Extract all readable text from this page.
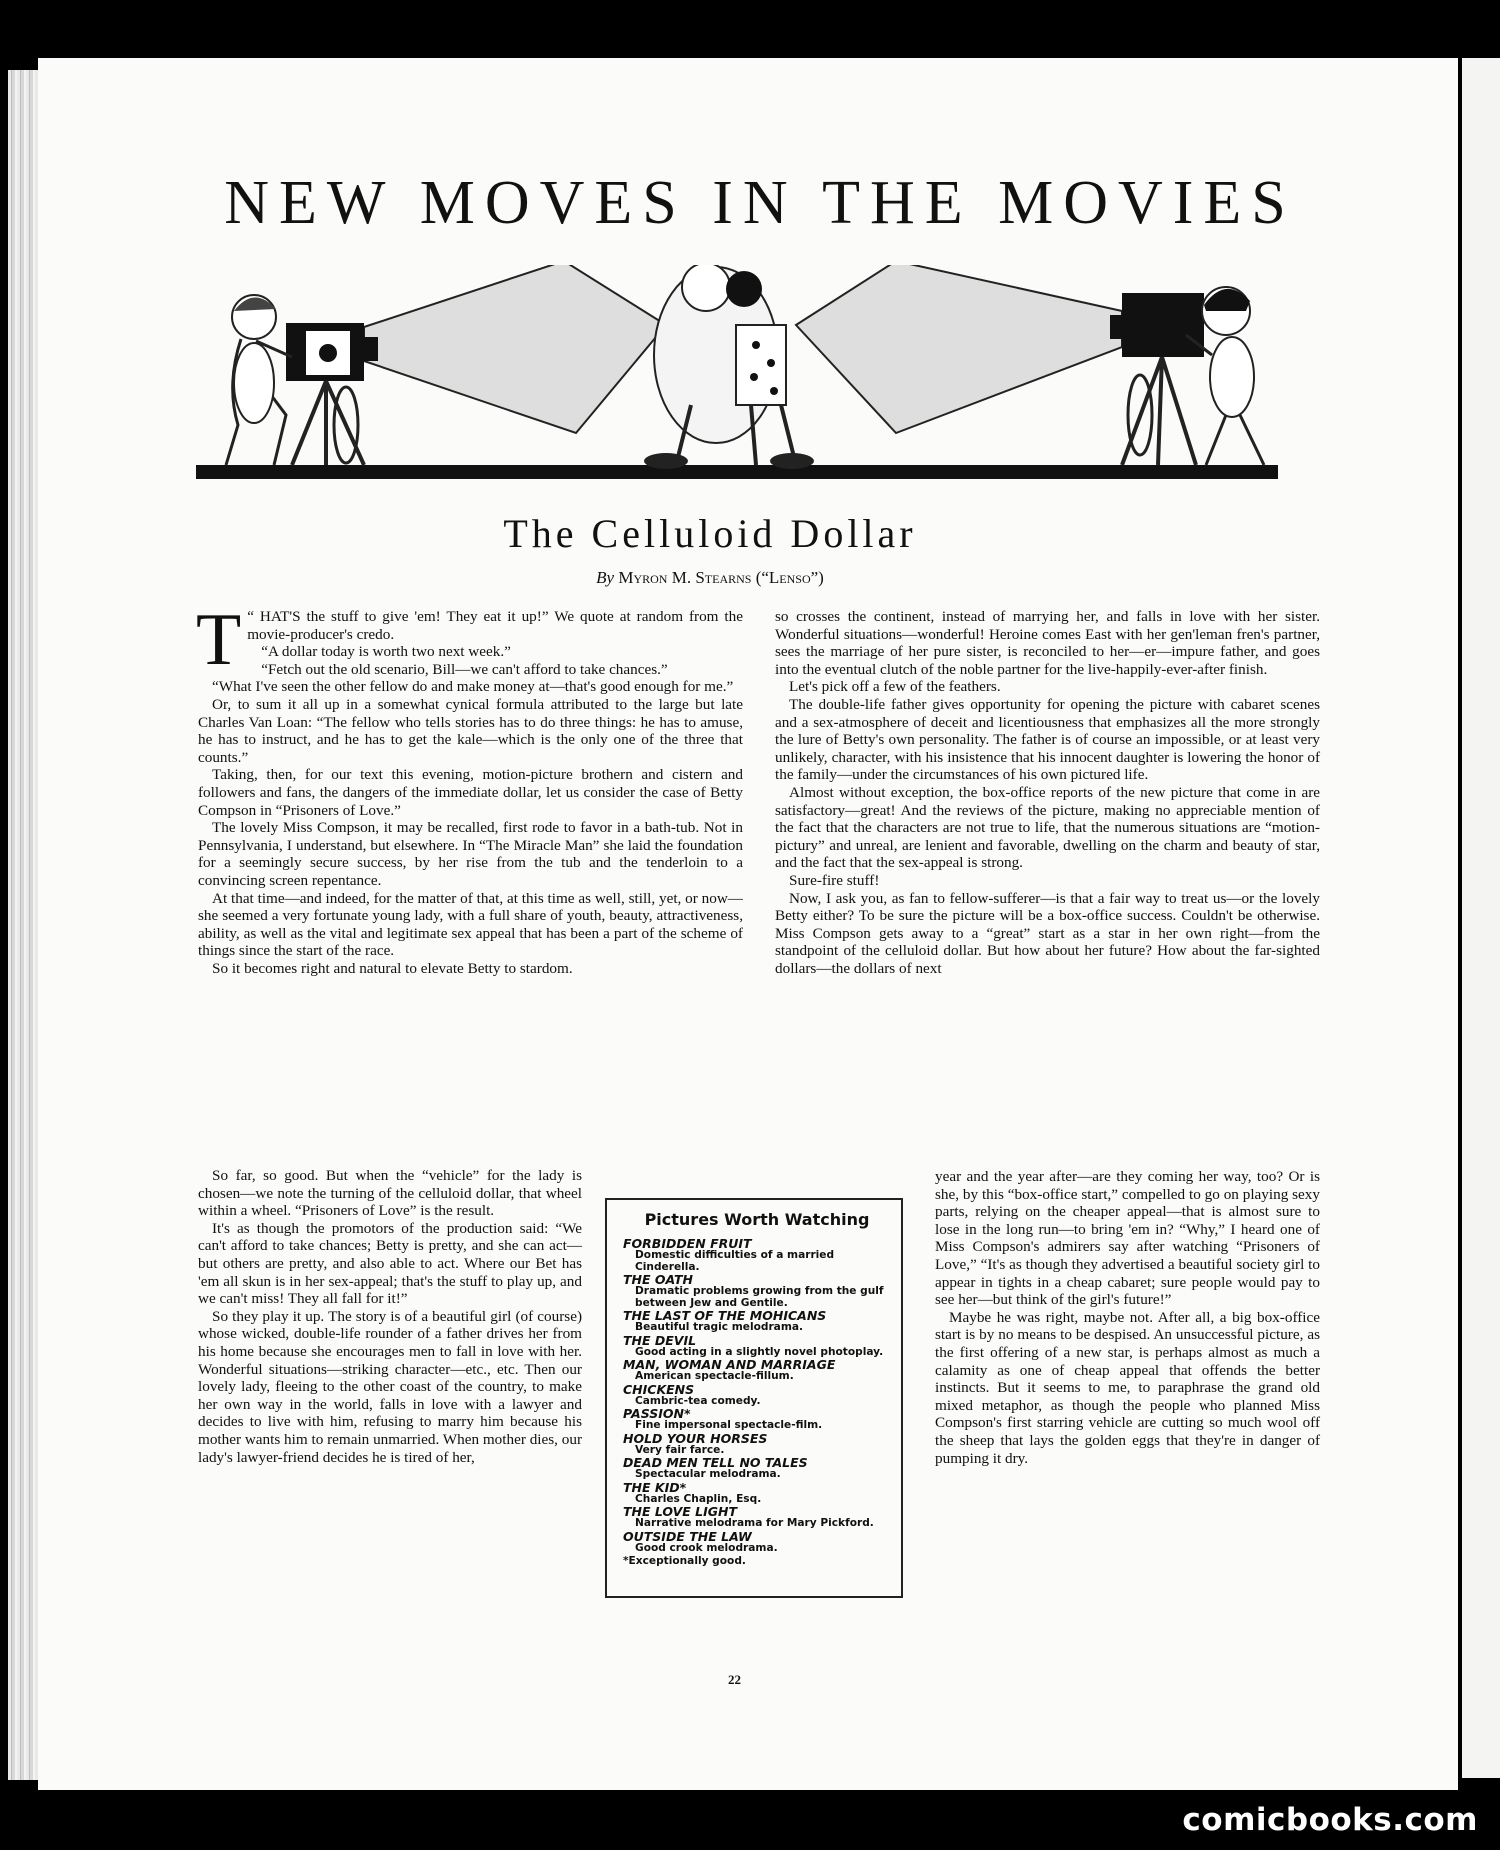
NEW MOVES IN THE MOVIES
The Celluloid Dollar
By Myron M. Stearns (“Lenso”)

T “ HAT'S the stuff to give 'em! They eat it up!” We quote at random from the movie-producer's credo.

“A dollar today is worth two next week.”

“Fetch out the old scenario, Bill—we can't afford to take chances.”

“What I've seen the other fellow do and make money at—that's good enough for me.”

Or, to sum it all up in a somewhat cynical formula attributed to the large but late Charles Van Loan: “The fellow who tells stories has to do three things: he has to amuse, he has to instruct, and he has to get the kale—which is the only one of the three that counts.”

Taking, then, for our text this evening, motion-picture brothern and cistern and followers and fans, the dangers of the immediate dollar, let us consider the case of Betty Compson in “Prisoners of Love.”

The lovely Miss Compson, it may be recalled, first rode to favor in a bath-tub. Not in Pennsylvania, I understand, but elsewhere. In “The Miracle Man” she laid the foundation for a seemingly secure success, by her rise from the tub and the tenderloin to a convincing screen repentance.

At that time—and indeed, for the matter of that, at this time as well, still, yet, or now—she seemed a very fortunate young lady, with a full share of youth, beauty, attractiveness, ability, as well as the vital and legitimate sex appeal that has been a part of the scheme of things since the start of the race.

So it becomes right and natural to elevate Betty to stardom.

So far, so good. But when the “vehicle” for the lady is chosen—we note the turning of the celluloid dollar, that wheel within a wheel. “Prisoners of Love” is the result.

It's as though the promotors of the production said: “We can't afford to take chances; Betty is pretty, and she can act—but others are pretty, and also able to act. Where our Bet has 'em all skun is in her sex-appeal; that's the stuff to play up, and we can't miss! They all fall for it!”

So they play it up. The story is of a beautiful girl (of course) whose wicked, double-life rounder of a father drives her from his home because she encourages men to fall in love with her. Wonderful situations—striking character—etc., etc. Then our lovely lady, fleeing to the other coast of the country, to make her own way in the world, falls in love with a lawyer and decides to live with him, refusing to marry him because his mother wants him to remain unmarried. When mother dies, our lady's lawyer-friend decides he is tired of her,

so crosses the continent, instead of marrying her, and falls in love with her sister. Wonderful situations—wonderful! Heroine comes East with her gen'leman fren's partner, sees the marriage of her pure sister, is reconciled to her—er—impure father, and goes into the eventual clutch of the noble partner for the live-happily-ever-after finish.

Let's pick off a few of the feathers.

The double-life father gives opportunity for opening the picture with cabaret scenes and a sex-atmosphere of deceit and licentiousness that emphasizes all the more strongly the lure of Betty's own personality. The father is of course an impossible, or at least very unlikely, character, with his insistence that his innocent daughter is lowering the honor of the family—under the circumstances of his own pictured life.

Almost without exception, the box-office reports of the new picture that come in are satisfactory—great! And the reviews of the picture, making no appreciable mention of the fact that the characters are not true to life, that the numerous situations are “motion-pictury” and unreal, are lenient and favorable, dwelling on the charm and beauty of star, and the fact that the sex-appeal is strong.

Sure-fire stuff!

Now, I ask you, as fan to fellow-sufferer—is that a fair way to treat us—or the lovely Betty either? To be sure the picture will be a box-office success. Couldn't be otherwise. Miss Compson gets away to a “great” start as a star in her own right—from the standpoint of the celluloid dollar. But how about her future? How about the far-sighted dollars—the dollars of next

year and the year after—are they coming her way, too? Or is she, by this “box-office start,” compelled to go on playing sexy parts, relying on the cheaper appeal—that is almost sure to lose in the long run—to bring 'em in? “Why,” I heard one of Miss Compson's admirers say after watching “Prisoners of Love,” “It's as though they advertised a beautiful society girl to appear in tights in a cheap cabaret; sure people would pay to see her—but think of the girl's future!”

Maybe he was right, maybe not. After all, a big box-office start is by no means to be despised. An unsuccessful picture, as the first offering of a new star, is perhaps almost as much a calamity as one of cheap appeal that offends the better instincts. But it seems to me, to paraphrase the grand old mixed metaphor, as though the people who planned Miss Compson's first starring vehicle are cutting so much wool off the sheep that lays the golden eggs that they're in danger of pumping it dry.

Pictures Worth Watching
FORBIDDEN FRUIT
Domestic difficulties of a married Cinderella.
THE OATH
Dramatic problems growing from the gulf between Jew and Gentile.
THE LAST OF THE MOHICANS
Beautiful tragic melodrama.
THE DEVIL
Good acting in a slightly novel photoplay.
MAN, WOMAN AND MARRIAGE
American spectacle-fillum.
CHICKENS
Cambric-tea comedy.
PASSION*
Fine impersonal spectacle-film.
HOLD YOUR HORSES
Very fair farce.
DEAD MEN TELL NO TALES
Spectacular melodrama.
THE KID*
Charles Chaplin, Esq.
THE LOVE LIGHT
Narrative melodrama for Mary Pickford.
OUTSIDE THE LAW
Good crook melodrama.
*Exceptionally good.
22
comicbooks.com
